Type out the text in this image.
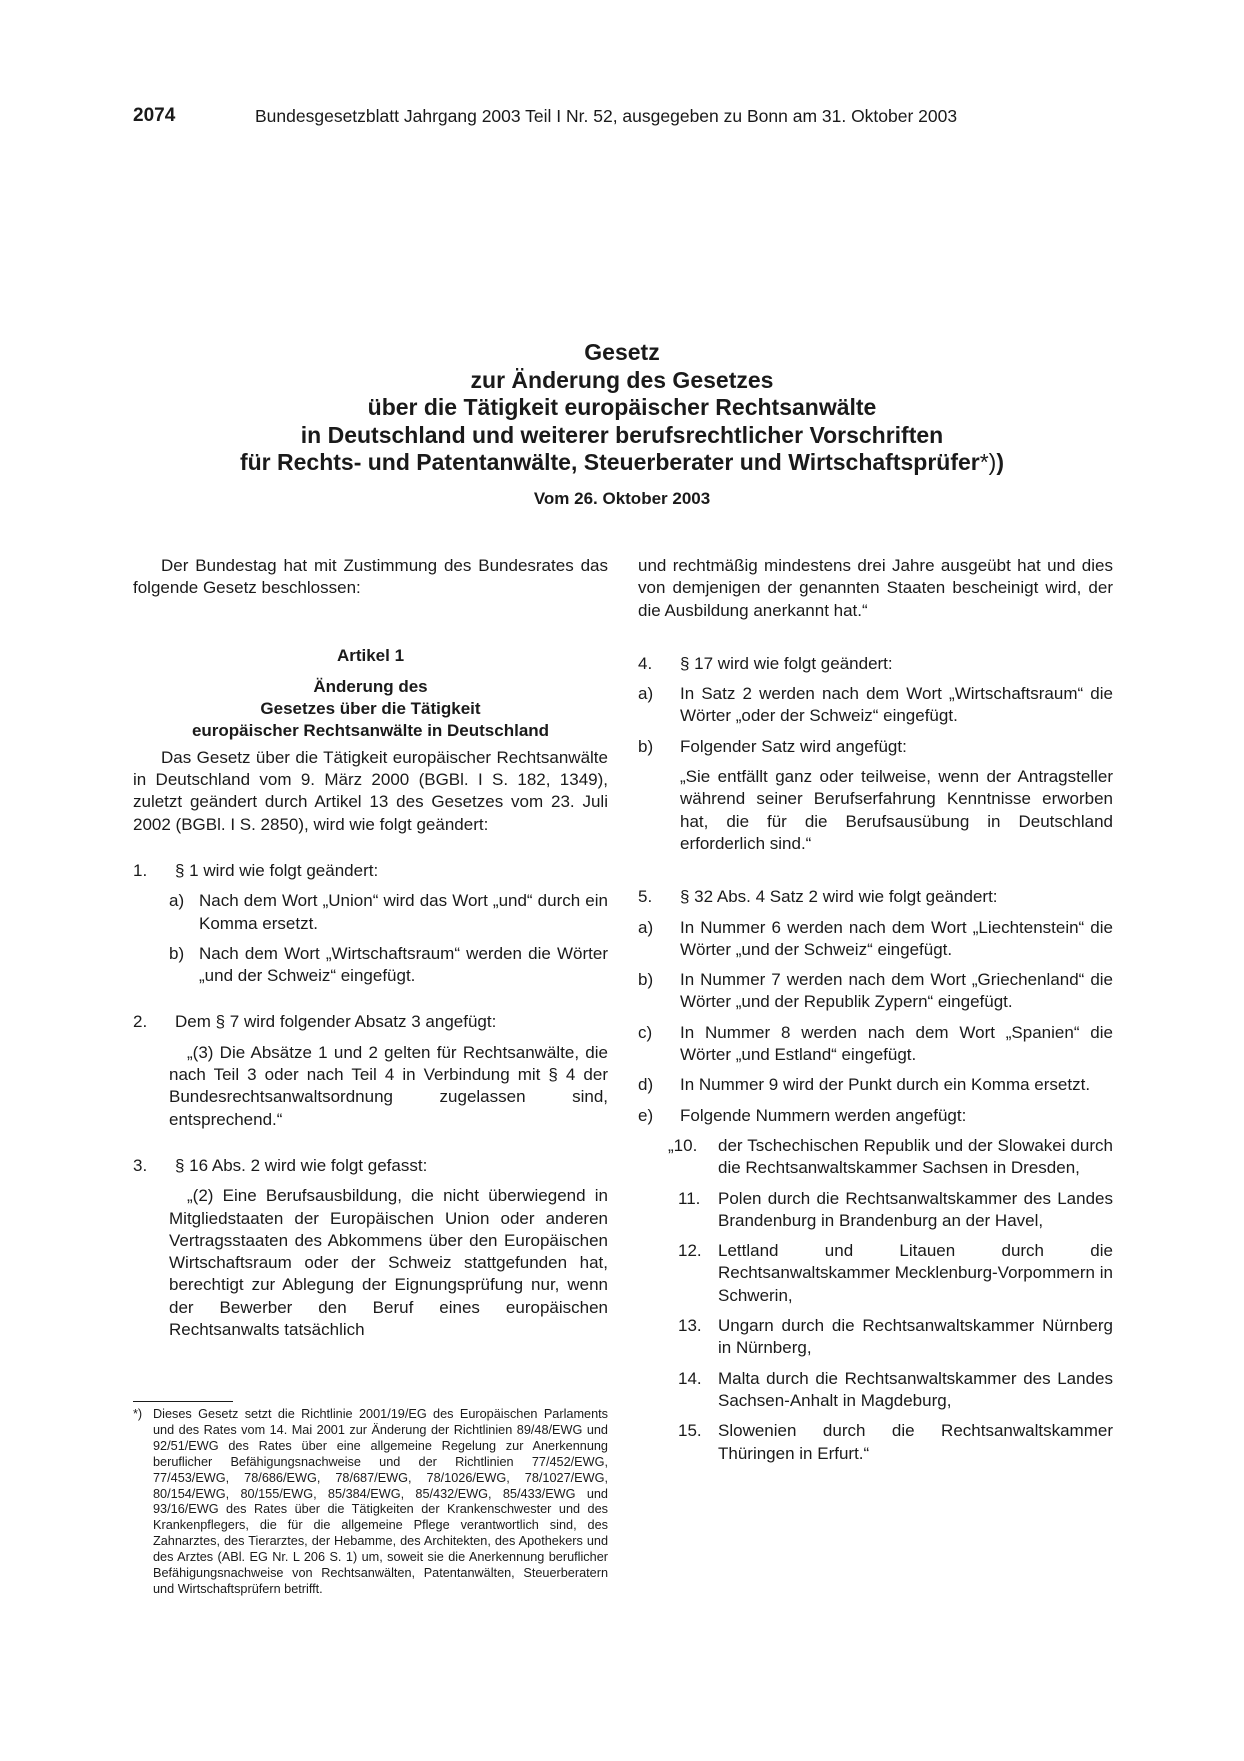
2074	Bundesgesetzblatt Jahrgang 2003 Teil I Nr. 52, ausgegeben zu Bonn am 31. Oktober 2003
Gesetz
zur Änderung des Gesetzes
über die Tätigkeit europäischer Rechtsanwälte
in Deutschland und weiterer berufsrechtlicher Vorschriften
für Rechts- und Patentanwälte, Steuerberater und Wirtschaftsprüfer*))
Vom 26. Oktober 2003

Der Bundestag hat mit Zustimmung des Bundesrates das folgende Gesetz beschlossen:

Artikel 1

Änderung des
Gesetzes über die Tätigkeit
europäischer Rechtsanwälte in Deutschland

Das Gesetz über die Tätigkeit europäischer Rechtsanwälte in Deutschland vom 9. März 2000 (BGBl. I S. 182, 1349), zuletzt geändert durch Artikel 13 des Gesetzes vom 23. Juli 2002 (BGBl. I S. 2850), wird wie folgt geändert:

1. § 1 wird wie folgt geändert:

a) Nach dem Wort „Union“ wird das Wort „und“ durch ein Komma ersetzt.

b) Nach dem Wort „Wirtschaftsraum“ werden die Wörter „und der Schweiz“ eingefügt.

2. Dem § 7 wird folgender Absatz 3 angefügt:

„(3) Die Absätze 1 und 2 gelten für Rechtsanwälte, die nach Teil 3 oder nach Teil 4 in Verbindung mit § 4 der Bundesrechtsanwaltsordnung zugelassen sind, entsprechend.“

3. § 16 Abs. 2 wird wie folgt gefasst:

„(2) Eine Berufsausbildung, die nicht überwiegend in Mitgliedstaaten der Europäischen Union oder anderen Vertragsstaaten des Abkommens über den Europäischen Wirtschaftsraum oder der Schweiz stattgefunden hat, berechtigt zur Ablegung der Eignungsprüfung nur, wenn der Bewerber den Beruf eines europäischen Rechtsanwalts tatsächlich

*) Dieses Gesetz setzt die Richtlinie 2001/19/EG des Europäischen Parlaments und des Rates vom 14. Mai 2001 zur Änderung der Richtlinien 89/48/EWG und 92/51/EWG des Rates über eine allgemeine Regelung zur Anerkennung beruflicher Befähigungsnachweise und der Richtlinien 77/452/EWG, 77/453/EWG, 78/686/EWG, 78/687/EWG, 78/1026/EWG, 78/1027/EWG, 80/154/EWG, 80/155/EWG, 85/384/EWG, 85/432/EWG, 85/433/EWG und 93/16/EWG des Rates über die Tätigkeiten der Krankenschwester und des Krankenpflegers, die für die allgemeine Pflege verantwortlich sind, des Zahnarztes, des Tierarztes, der Hebamme, des Architekten, des Apothekers und des Arztes (ABl. EG Nr. L 206 S. 1) um, soweit sie die Anerkennung beruflicher Befähigungsnachweise von Rechtsanwälten, Patentanwälten, Steuerberatern und Wirtschaftsprüfern betrifft.

und rechtmäßig mindestens drei Jahre ausgeübt hat und dies von demjenigen der genannten Staaten bescheinigt wird, der die Ausbildung anerkannt hat.“

4. § 17 wird wie folgt geändert:

a) In Satz 2 werden nach dem Wort „Wirtschaftsraum“ die Wörter „oder der Schweiz“ eingefügt.

b) Folgender Satz wird angefügt:

„Sie entfällt ganz oder teilweise, wenn der Antragsteller während seiner Berufserfahrung Kenntnisse erworben hat, die für die Berufsausübung in Deutschland erforderlich sind.“

5. § 32 Abs. 4 Satz 2 wird wie folgt geändert:

a) In Nummer 6 werden nach dem Wort „Liechtenstein“ die Wörter „und der Schweiz“ eingefügt.

b) In Nummer 7 werden nach dem Wort „Griechenland“ die Wörter „und der Republik Zypern“ eingefügt.

c) In Nummer 8 werden nach dem Wort „Spanien“ die Wörter „und Estland“ eingefügt.

d) In Nummer 9 wird der Punkt durch ein Komma ersetzt.

e) Folgende Nummern werden angefügt:

„10. der Tschechischen Republik und der Slowakei durch die Rechtsanwaltskammer Sachsen in Dresden,

11. Polen durch die Rechtsanwaltskammer des Landes Brandenburg in Brandenburg an der Havel,

12. Lettland und Litauen durch die Rechtsanwaltskammer Mecklenburg-Vorpommern in Schwerin,

13. Ungarn durch die Rechtsanwaltskammer Nürnberg in Nürnberg,

14. Malta durch die Rechtsanwaltskammer des Landes Sachsen-Anhalt in Magdeburg,

15. Slowenien durch die Rechtsanwaltskammer Thüringen in Erfurt.“
